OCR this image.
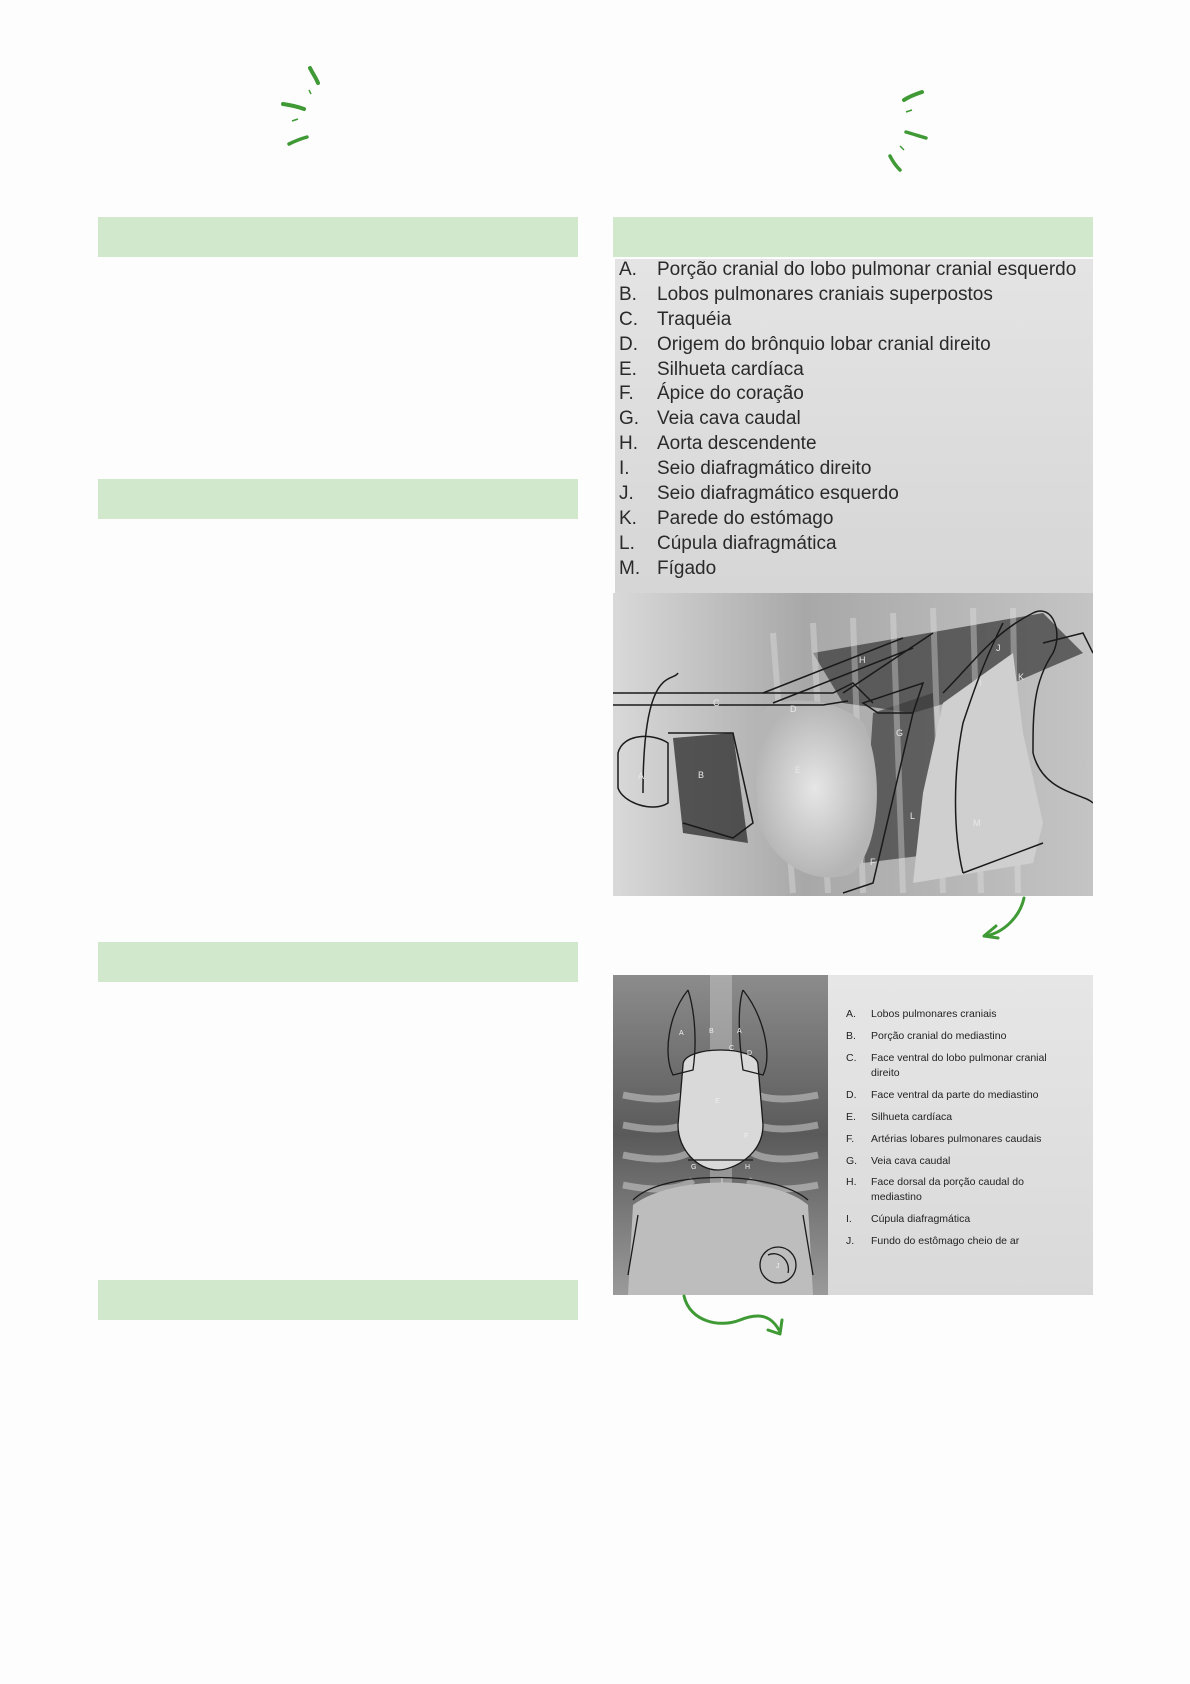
A.	Porção cranial do lobo pulmonar cranial esquerdo
B.	Lobos pulmonares craniais superpostos
C.	Traquéia
D.	Origem do brônquio lobar cranial direito
E.	Silhueta cardíaca
F.	Ápice do coração
G. Veia cava caudal
H.	Aorta descendente
I.	Seio diafragmático direito
J.	Seio diafragmático esquerdo
K.	Parede do estómago
L.	Cúpula diafragmática
M. Fígado
A	B
C
D
E
F
G
H
I
J
K
L
M
A	A
B
C
D
E
F
G	H
I
J
A.	Lobos pulmonares craniais
B.	Porção cranial do mediastino
C.	Face ventral do lobo pulmonar cranial direito
D.	Face ventral da parte do mediastino
E.	Silhueta cardíaca
F.	Artérias lobares pulmonares caudais
G.	Veia cava caudal
H.	Face dorsal da porção caudal do mediastino
I.	Cúpula diafragmática
J.	Fundo do estômago cheio de ar
